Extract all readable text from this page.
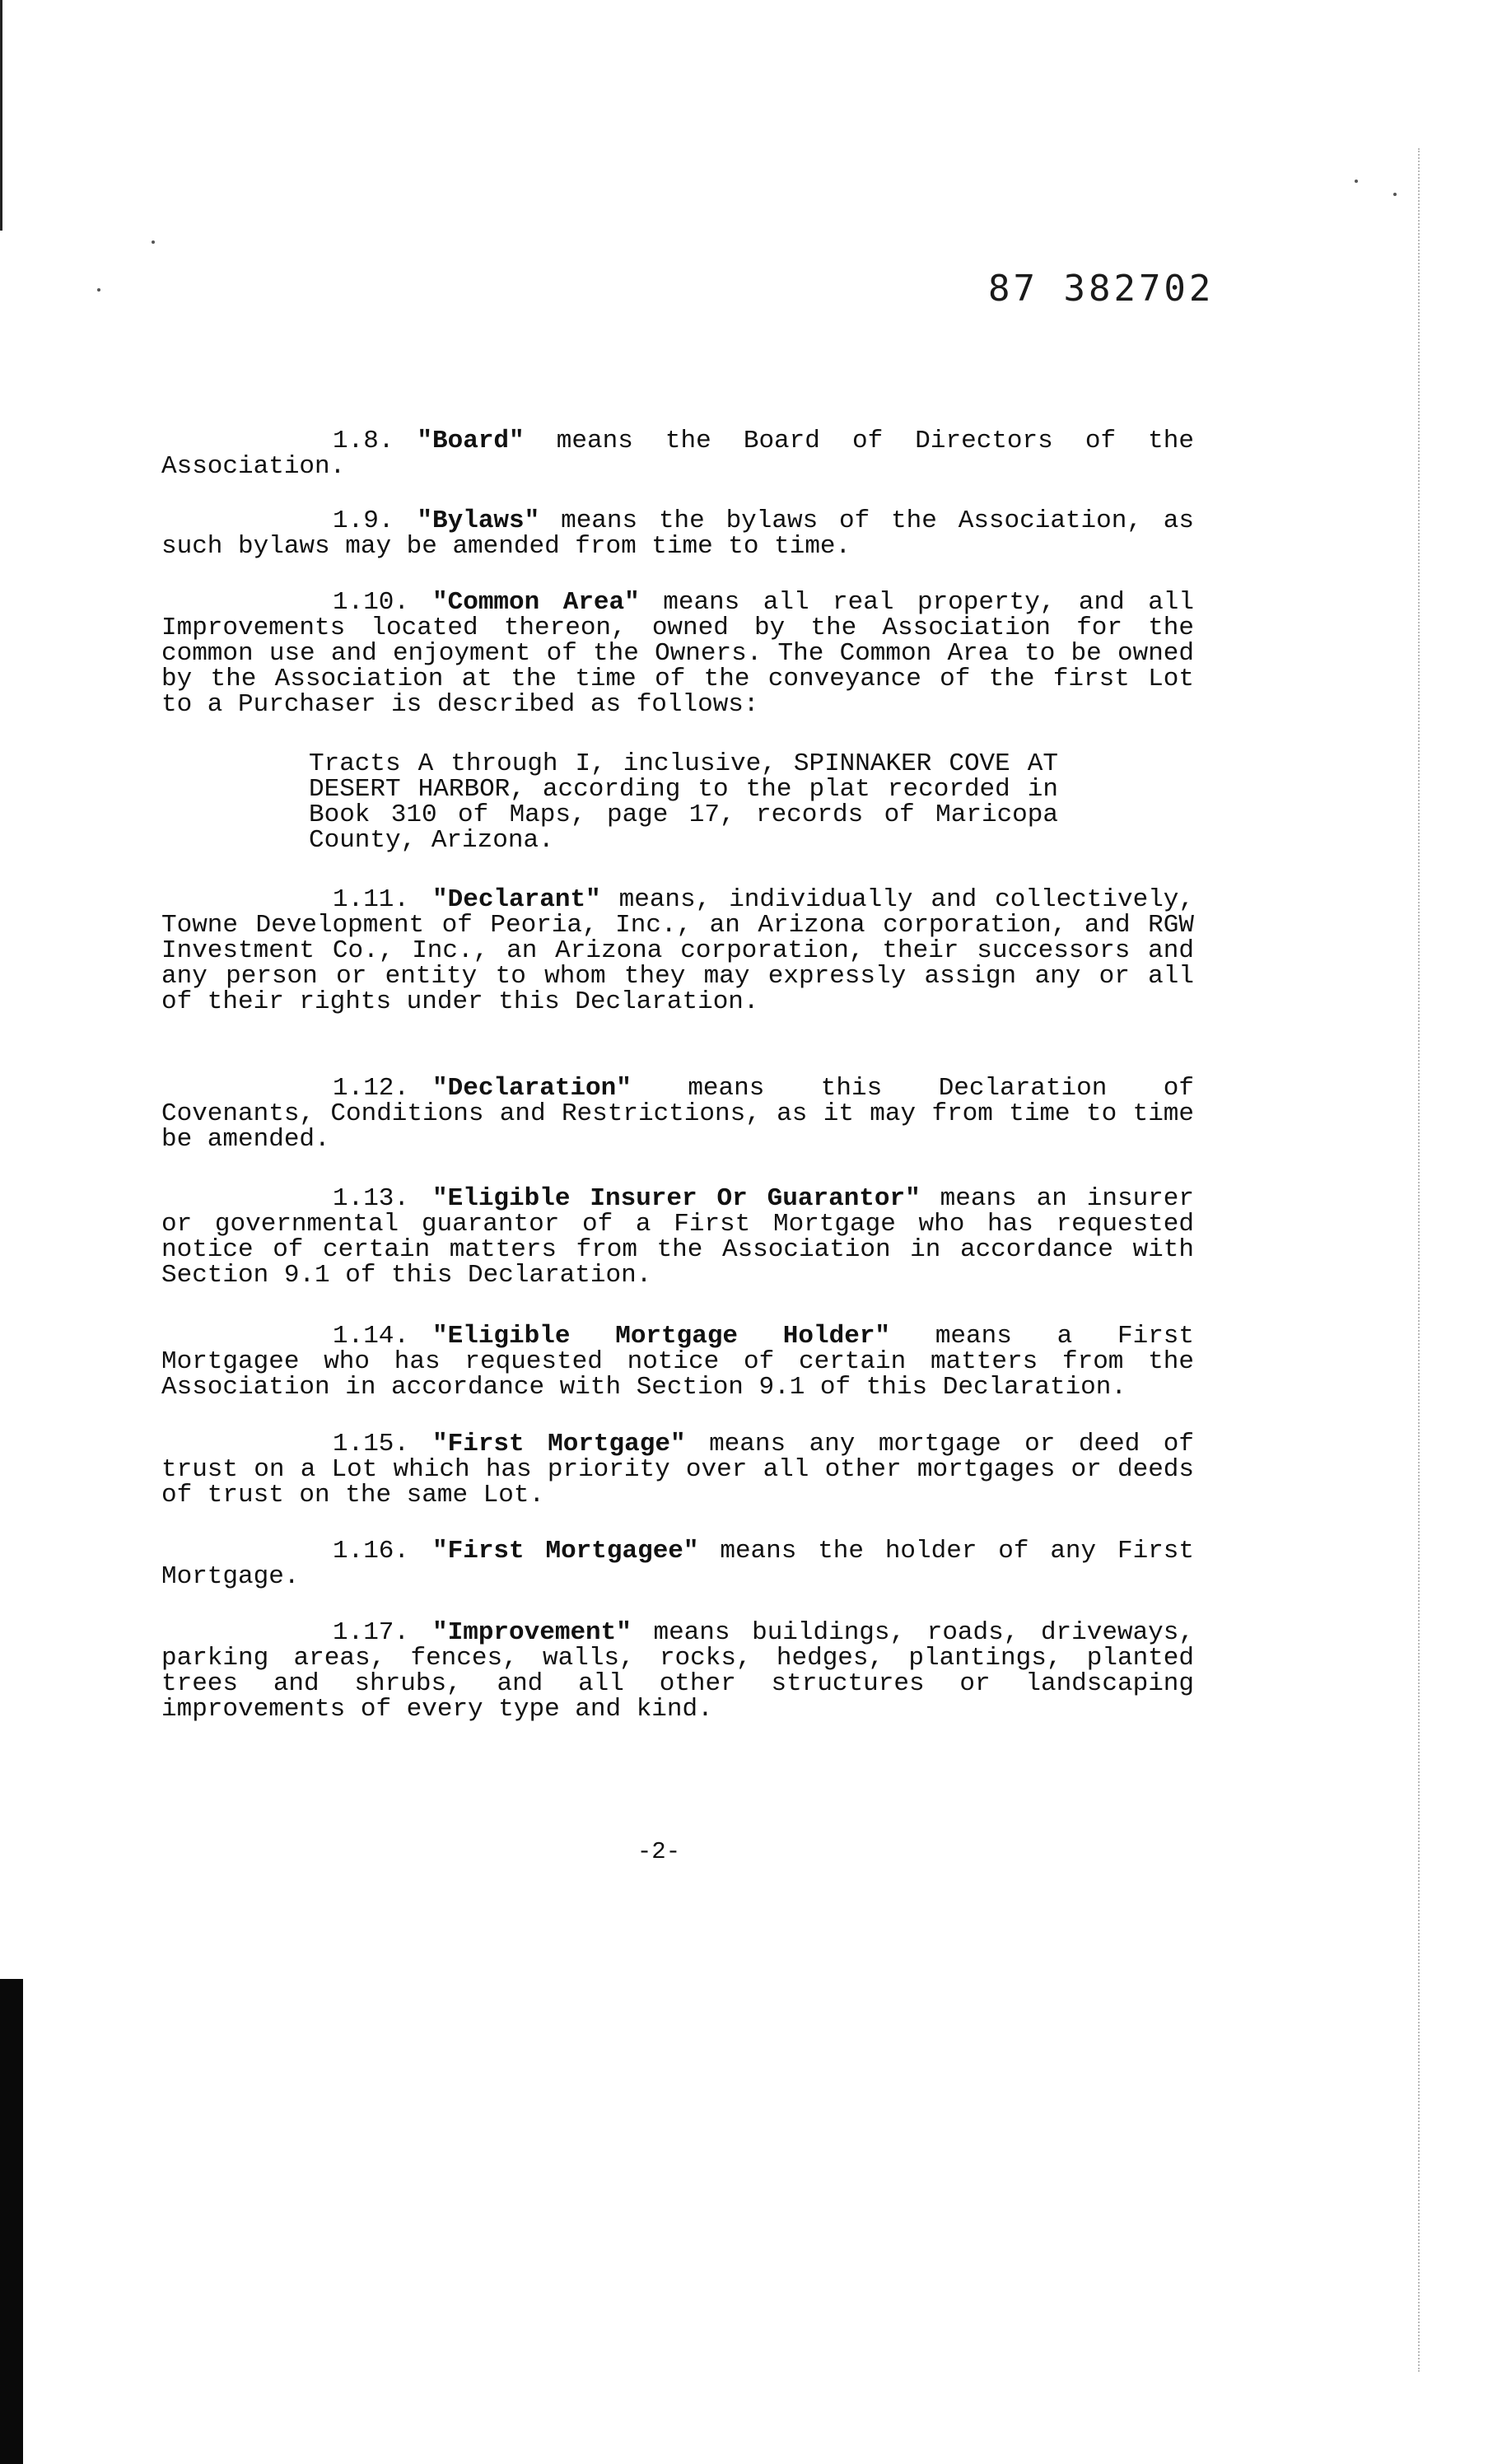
87 382702
1.8. "Board" means the Board of Directors of the Association.
1.9. "Bylaws" means the bylaws of the Association, as such bylaws may be amended from time to time.
1.10. "Common Area" means all real property, and all Improvements located thereon, owned by the Association for the common use and enjoyment of the Owners. The Common Area to be owned by the Association at the time of the conveyance of the first Lot to a Purchaser is described as follows:
Tracts A through I, inclusive, SPINNAKER COVE AT DESERT HARBOR, according to the plat recorded in Book 310 of Maps, page 17, records of Maricopa County, Arizona.
1.11. "Declarant" means, individually and collectively, Towne Development of Peoria, Inc., an Arizona corporation, and RGW Investment Co., Inc., an Arizona corporation, their successors and any person or entity to whom they may expressly assign any or all of their rights under this Declaration.
1.12. "Declaration" means this Declaration of Covenants, Conditions and Restrictions, as it may from time to time be amended.
1.13. "Eligible Insurer Or Guarantor" means an insurer or governmental guarantor of a First Mortgage who has requested notice of certain matters from the Association in accordance with Section 9.1 of this Declaration.
1.14. "Eligible Mortgage Holder" means a First Mortgagee who has requested notice of certain matters from the Association in accordance with Section 9.1 of this Declaration.
1.15. "First Mortgage" means any mortgage or deed of trust on a Lot which has priority over all other mortgages or deeds of trust on the same Lot.
1.16. "First Mortgagee" means the holder of any First Mortgage.
1.17. "Improvement" means buildings, roads, driveways, parking areas, fences, walls, rocks, hedges, plantings, planted trees and shrubs, and all other structures or landscaping improvements of every type and kind.
-2-
